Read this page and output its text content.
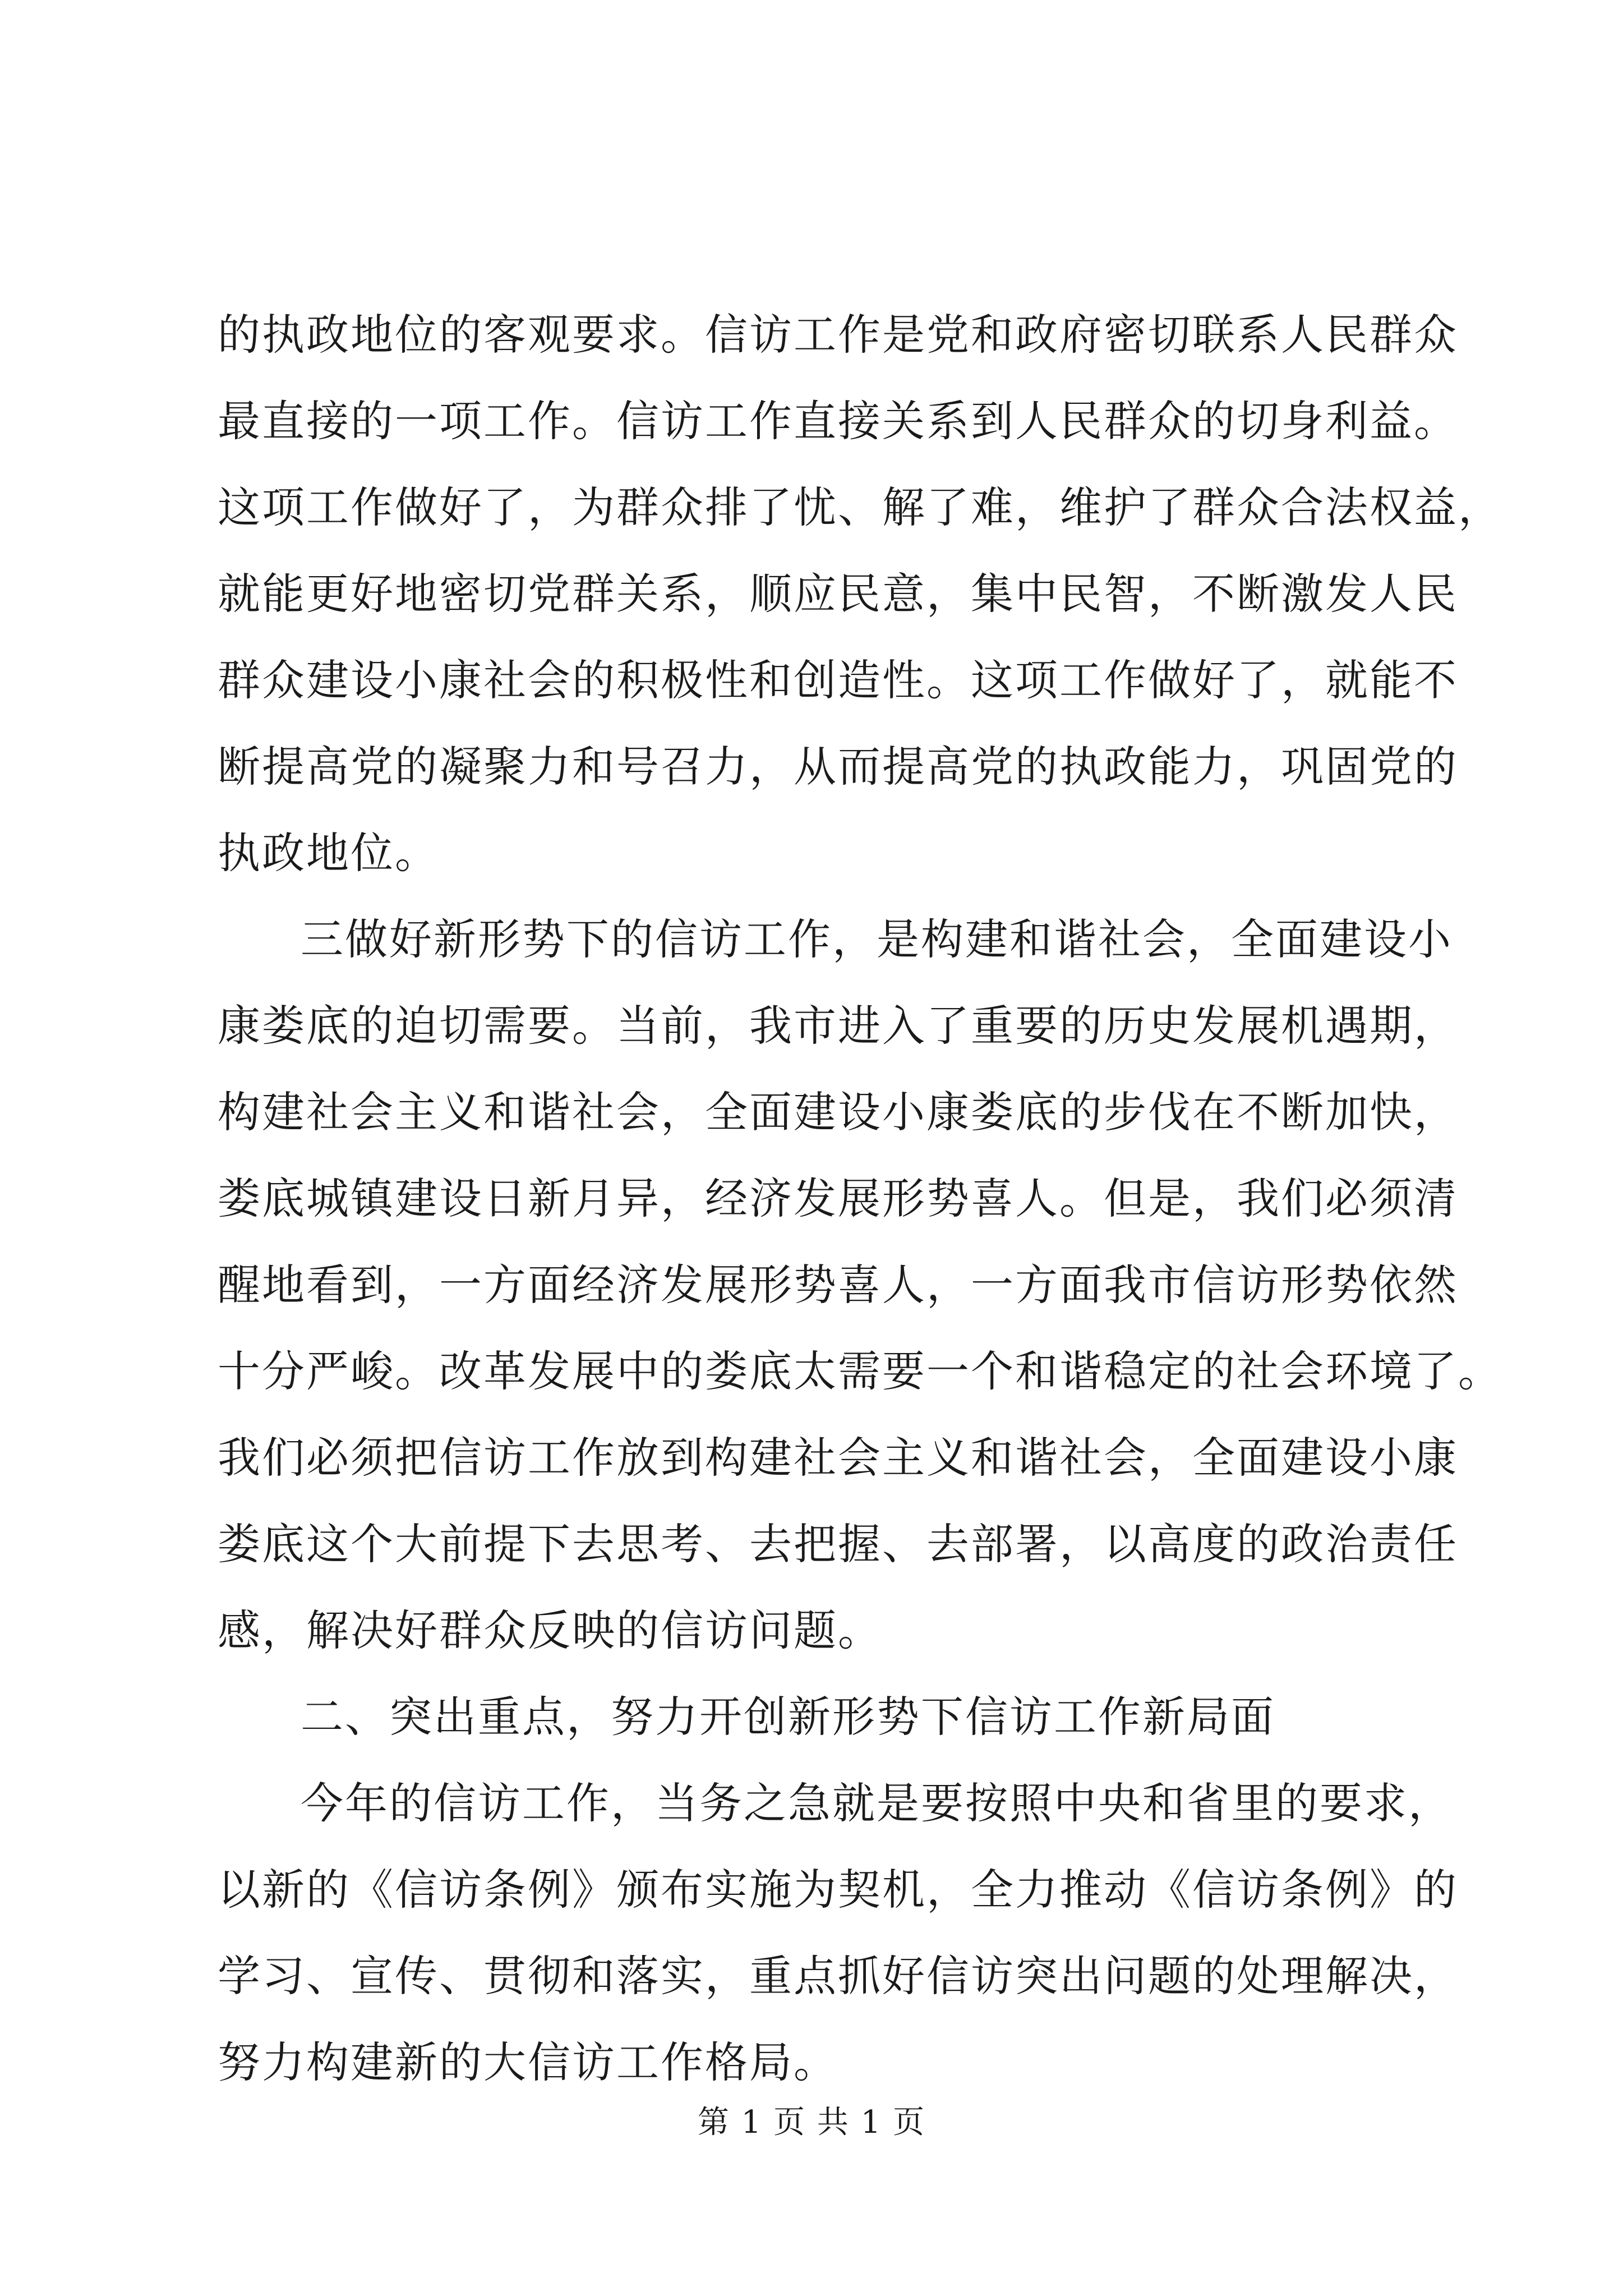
的执政地位的客观要求。信访工作是党和政府密切联系人民群众
最直接的一项工作。信访工作直接关系到人民群众的切身利益。
这项工作做好了，为群众排了忧、解了难，维护了群众合法权益，
就能更好地密切党群关系，顺应民意，集中民智，不断激发人民
群众建设小康社会的积极性和创造性。这项工作做好了，就能不
断提高党的凝聚力和号召力，从而提高党的执政能力，巩固党的
执政地位。
三做好新形势下的信访工作，是构建和谐社会，全面建设小
康娄底的迫切需要。当前，我市进入了重要的历史发展机遇期，
构建社会主义和谐社会，全面建设小康娄底的步伐在不断加快，
娄底城镇建设日新月异，经济发展形势喜人。但是，我们必须清
醒地看到，一方面经济发展形势喜人，一方面我市信访形势依然
十分严峻。改革发展中的娄底太需要一个和谐稳定的社会环境了。
我们必须把信访工作放到构建社会主义和谐社会，全面建设小康
娄底这个大前提下去思考、去把握、去部署，以高度的政治责任
感，解决好群众反映的信访问题。
二、突出重点，努力开创新形势下信访工作新局面
今年的信访工作，当务之急就是要按照中央和省里的要求，
以新的《信访条例》颁布实施为契机，全力推动《信访条例》的
学习、宣传、贯彻和落实，重点抓好信访突出问题的处理解决，
努力构建新的大信访工作格局。
第 1 页 共 1 页
